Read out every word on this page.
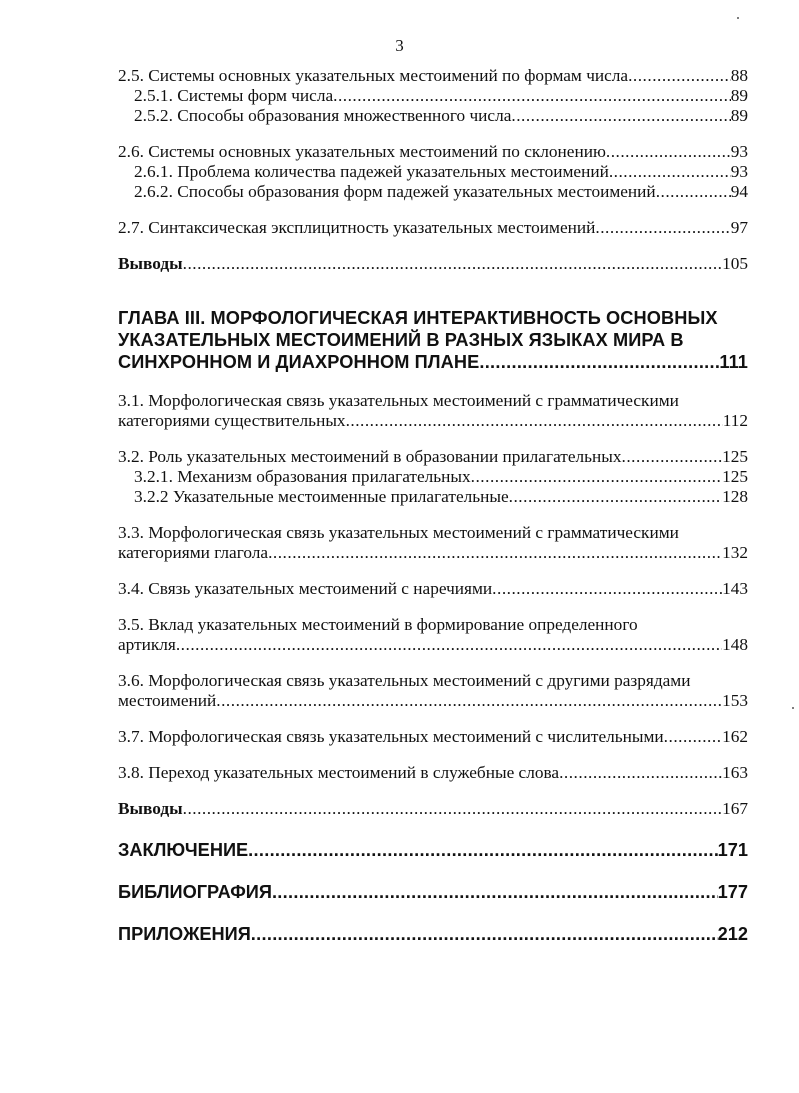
3
2.5. Системы основных указательных местоимений по формам числа .....	88
2.5.1. Системы форм числа .....	89
2.5.2. Способы образования множественного числа .....	89
2.6. Системы основных указательных местоимений по склонению .....	93
2.6.1. Проблема количества падежей указательных местоимений .....	93
2.6.2. Способы образования форм падежей указательных местоимений .....	94
2.7. Синтаксическая эксплицитность указательных местоимений .....	97
Выводы .....	105
ГЛАВА III. МОРФОЛОГИЧЕСКАЯ ИНТЕРАКТИВНОСТЬ ОСНОВНЫХ
УКАЗАТЕЛЬНЫХ МЕСТОИМЕНИЙ В РАЗНЫХ ЯЗЫКАХ МИРА В
СИНХРОННОМ И ДИАХРОННОМ ПЛАНЕ .....	111
3.1. Морфологическая связь указательных местоимений с грамматическими
категориями существительных .....	112
3.2. Роль указательных местоимений в образовании прилагательных .....	125
3.2.1. Механизм образования прилагательных .....	125
3.2.2 Указательные местоименные прилагательные .....	128
3.3. Морфологическая связь указательных местоимений с грамматическими
категориями глагола .....	132
3.4. Связь указательных местоимений с наречиями .....	143
3.5. Вклад указательных местоимений в формирование определенного
артикля .....	148
3.6. Морфологическая связь указательных местоимений с другими разрядами
местоимений .....	153
3.7. Морфологическая связь указательных местоимений с числительными .....	162
3.8. Переход указательных местоимений в служебные слова .....	163
Выводы .....	167
ЗАКЛЮЧЕНИЕ .....	171
БИБЛИОГРАФИЯ .....	177
ПРИЛОЖЕНИЯ .....	212
